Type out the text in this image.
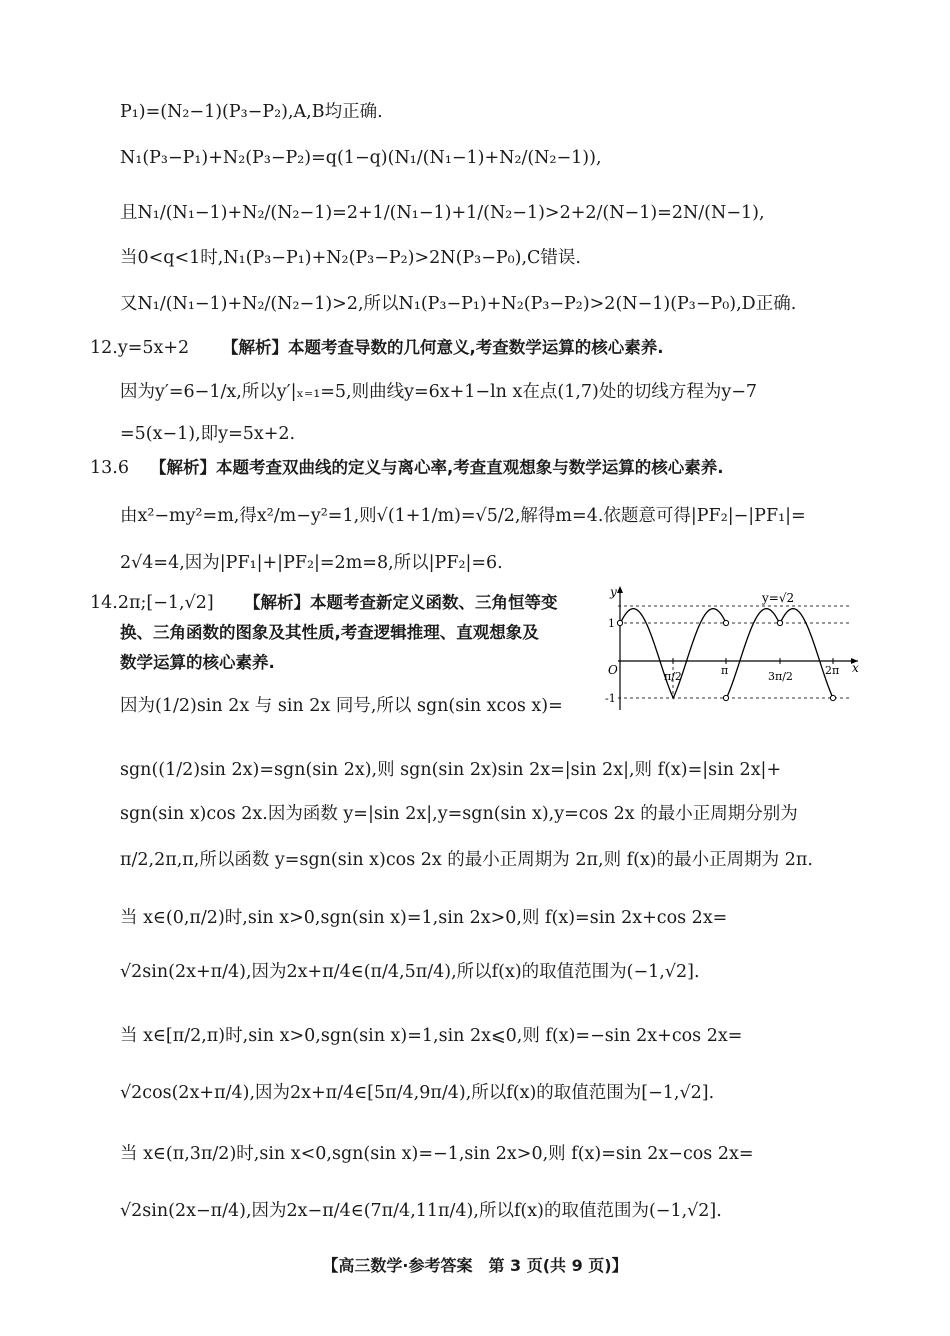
P₁)=(N₂−1)(P₃−P₂),A,B均正确.
N₁(P₃−P₁)+N₂(P₃−P₂)=q(1−q)(N₁/(N₁−1)+N₂/(N₂−1)),
且N₁/(N₁−1)+N₂/(N₂−1)=2+1/(N₁−1)+1/(N₂−1)>2+2/(N−1)=2N/(N−1),
当0<q<1时,N₁(P₃−P₁)+N₂(P₃−P₂)>2N(P₃−P₀),C错误.
又N₁/(N₁−1)+N₂/(N₂−1)>2,所以N₁(P₃−P₁)+N₂(P₃−P₂)>2(N−1)(P₃−P₀),D正确.
12.y=5x+2 【解析】本题考查导数的几何意义,考查数学运算的核心素养.
因为y′=6−1/x,所以y′|ₓ₌₁=5,则曲线y=6x+1−ln x在点(1,7)处的切线方程为y−7
=5(x−1),即y=5x+2.
13.6 【解析】本题考查双曲线的定义与离心率,考查直观想象与数学运算的核心素养.
由x²−my²=m,得x²/m−y²=1,则√(1+1/m)=√5/2,解得m=4.依题意可得|PF₂|−|PF₁|=
2√4=4,因为|PF₁|+|PF₂|=2m=8,所以|PF₂|=6.
14.2π;[−1,√2] 【解析】本题考查新定义函数、三角恒等变
换、三角函数的图象及其性质,考查逻辑推理、直观想象及
数学运算的核心素养.
因为(1/2)sin 2x 与 sin 2x 同号,所以 sgn(sin xcos x)=
sgn((1/2)sin 2x)=sgn(sin 2x),则 sgn(sin 2x)sin 2x=|sin 2x|,则 f(x)=|sin 2x|+
sgn(sin x)cos 2x.因为函数 y=|sin 2x|,y=sgn(sin x),y=cos 2x 的最小正周期分别为
π/2,2π,π,所以函数 y=sgn(sin x)cos 2x 的最小正周期为 2π,则 f(x)的最小正周期为 2π.
当 x∈(0,π/2)时,sin x>0,sgn(sin x)=1,sin 2x>0,则 f(x)=sin 2x+cos 2x=
√2sin(2x+π/4),因为2x+π/4∈(π/4,5π/4),所以f(x)的取值范围为(−1,√2].
当 x∈[π/2,π)时,sin x>0,sgn(sin x)=1,sin 2x⩽0,则 f(x)=−sin 2x+cos 2x=
√2cos(2x+π/4),因为2x+π/4∈[5π/4,9π/4),所以f(x)的取值范围为[−1,√2].
当 x∈(π,3π/2)时,sin x<0,sgn(sin x)=−1,sin 2x>0,则 f(x)=sin 2x−cos 2x=
√2sin(2x−π/4),因为2x−π/4∈(7π/4,11π/4),所以f(x)的取值范围为(−1,√2].
y
x
O
1
-1
π/2	π	3π/2	2π
y=√2
【高三数学·参考答案　第 3 页(共 9 页)】
